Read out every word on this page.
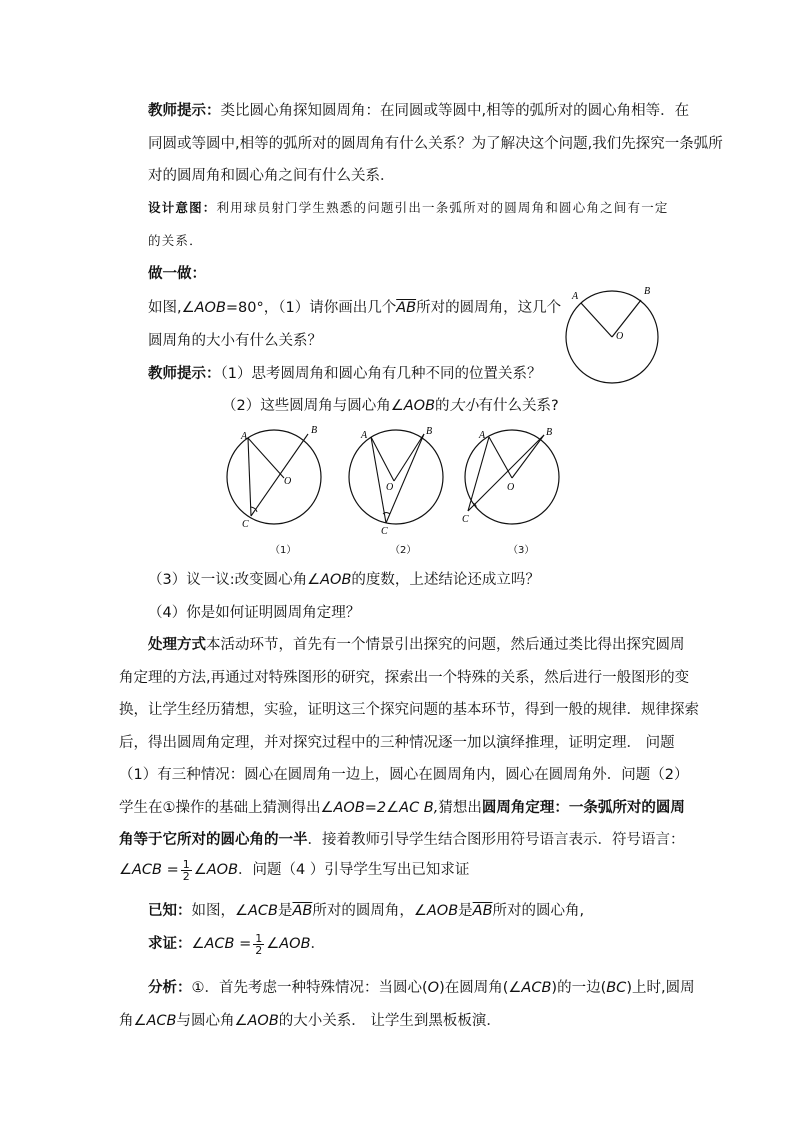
教师提示：类比圆心角探知圆周角：在同圆或等圆中,相等的弧所对的圆心角相等．在
同圆或等圆中,相等的弧所对的圆周角有什么关系？为了解决这个问题,我们先探究一条弧所
对的圆周角和圆心角之间有什么关系．
设计意图：利用球员射门学生熟悉的问题引出一条弧所对的圆周角和圆心角之间有一定
的关系．
做一做：
如图,∠AOB=80°，（1）请你画出几个$\overline{AB}$所对的圆周角，这几个
圆周角的大小有什么关系？
A	B
O
教师提示：（1）思考圆周角和圆心角有几种不同的位置关系？
（2）这些圆周角与圆心角∠AOB的大小有什么关系?
A
B
O
C
（1）
A	B
O
C
（2）
A	B
O
C
（3）
（3）议一议:改变圆心角∠AOB的度数，上述结论还成立吗？
（4）你是如何证明圆周角定理？
处理方式本活动环节，首先有一个情景引出探究的问题，然后通过类比得出探究圆周
角定理的方法,再通过对特殊图形的研究，探索出一个特殊的关系，然后进行一般图形的变
换，让学生经历猜想，实验，证明这三个探究问题的基本环节，得到一般的规律．规律探索
后，得出圆周角定理，并对探究过程中的三种情况逐一加以演绎推理，证明定理． 问题
（1）有三种情况：圆心在圆周角一边上，圆心在圆周角内，圆心在圆周角外．问题（2）
学生在①操作的基础上猜测得出∠AOB=2∠AC B,猜想出圆周角定理：一条弧所对的圆周
角等于它所对的圆心角的一半．接着教师引导学生结合图形用符号语言表示．符号语言：
∠ACB = $\frac{1}{2}$ ∠AOB．问题（4 ）引导学生写出已知求证
已知：如图，∠ACB是$\overline{AB}$所对的圆周角，∠AOB是$\overline{AB}$所对的圆心角,
求证：∠ACB = $\frac{1}{2}$ ∠AOB．
分析：①．首先考虑一种特殊情况：当圆心(O)在圆周角(∠ACB)的一边(BC)上时,圆周
角∠ACB与圆心角∠AOB的大小关系． 让学生到黑板板演．
